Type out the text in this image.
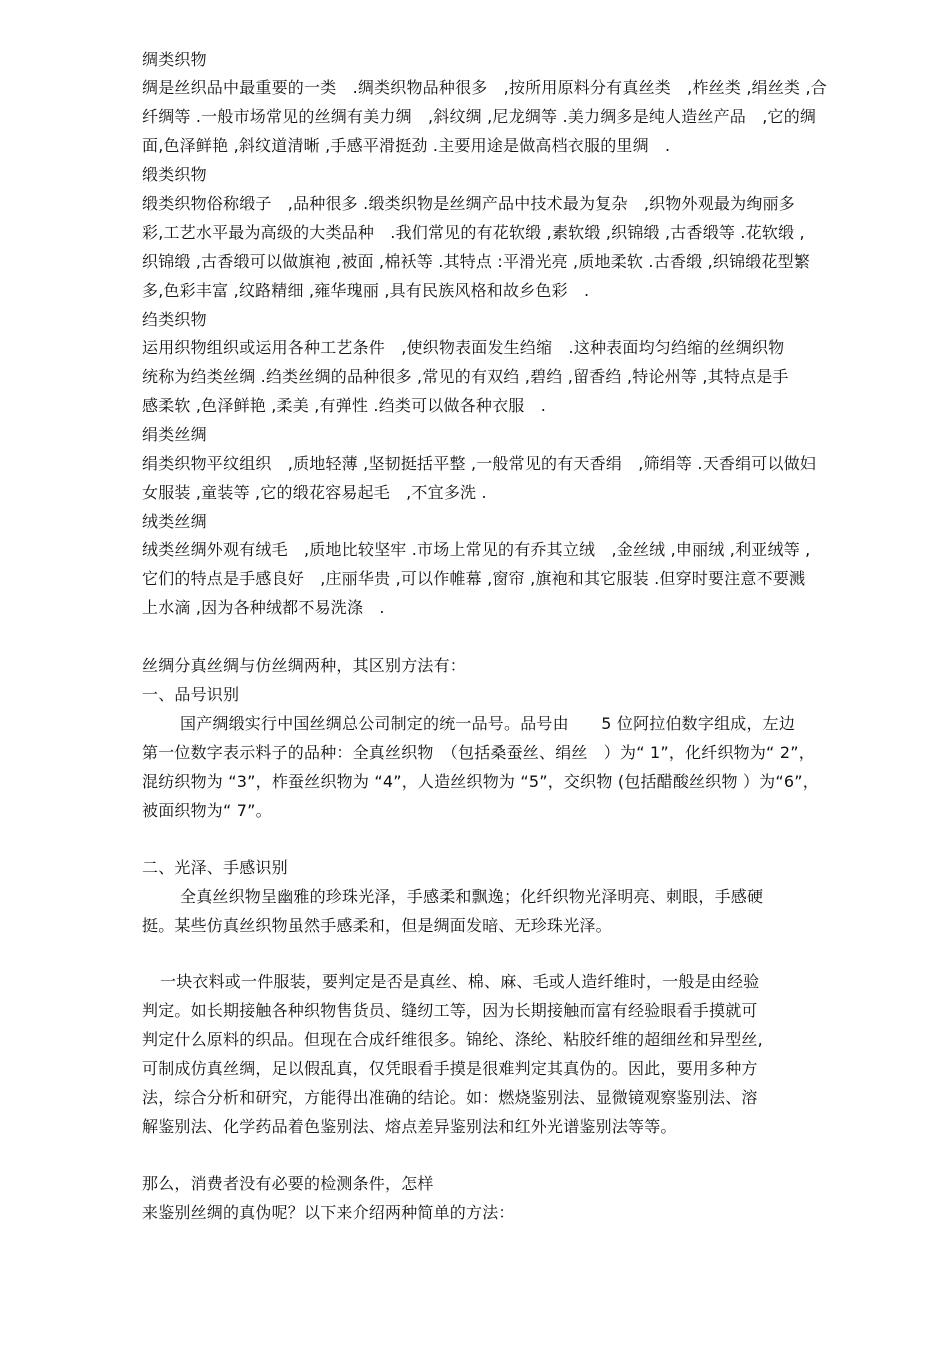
绸类织物
绸是丝织品中最重要的一类　.绸类织物品种很多　,按所用原料分有真丝类　,柞丝类 ,绢丝类 ,合
纤绸等 .一般市场常见的丝绸有美力绸　,斜纹绸 ,尼龙绸等 .美力绸多是纯人造丝产品　,它的绸
面,色泽鲜艳 ,斜纹道清晰 ,手感平滑挺劲 .主要用途是做高档衣服的里绸　.
缎类织物
缎类织物俗称缎子　,品种很多 .缎类织物是丝绸产品中技术最为复杂　,织物外观最为绚丽多
彩,工艺水平最为高级的大类品种　.我们常见的有花软缎 ,素软缎 ,织锦缎 ,古香缎等 .花软缎 ,
织锦缎 ,古香缎可以做旗袍 ,被面 ,棉袄等 .其特点 :平滑光亮 ,质地柔软 .古香缎 ,织锦缎花型繁
多,色彩丰富 ,纹路精细 ,雍华瑰丽 ,具有民族风格和故乡色彩　.
绉类织物
运用织物组织或运用各种工艺条件　,使织物表面发生绉缩　.这种表面均匀绉缩的丝绸织物
统称为绉类丝绸 .绉类丝绸的品种很多 ,常见的有双绉 ,碧绉 ,留香绉 ,特论州等 ,其特点是手
感柔软 ,色泽鲜艳 ,柔美 ,有弹性 .绉类可以做各种衣服　.
绢类丝绸
绢类织物平纹组织　,质地轻薄 ,坚韧挺括平整 ,一般常见的有天香绢　,筛绢等 .天香绢可以做妇
女服装 ,童装等 ,它的缎花容易起毛　,不宜多洗 .
绒类丝绸
绒类丝绸外观有绒毛　,质地比较坚牢 .市场上常见的有乔其立绒　,金丝绒 ,申丽绒 ,利亚绒等 ,
它们的特点是手感良好　,庄丽华贵 ,可以作帷幕 ,窗帘 ,旗袍和其它服装 .但穿时要注意不要溅
上水滴 ,因为各种绒都不易洗涤　.
丝绸分真丝绸与仿丝绸两种，其区别方法有：
一、品号识别
国产绸缎实行中国丝绸总公司制定的统一品号。品号由　　5 位阿拉伯数字组成，左边
第一位数字表示料子的品种：全真丝织物　（包括桑蚕丝、绢丝　）为“ 1”，化纤织物为“ 2”，
混纺织物为 “3”，柞蚕丝织物为 “4”，人造丝织物为 “5”，交织物 (包括醋酸丝织物 ）为“6”，
被面织物为“ 7”。
二、光泽、手感识别
全真丝织物呈幽雅的珍珠光泽，手感柔和飘逸；化纤织物光泽明亮、刺眼，手感硬
挺。某些仿真丝织物虽然手感柔和，但是绸面发暗、无珍珠光泽。
一块衣料或一件服装，要判定是否是真丝、棉、麻、毛或人造纤维时，一般是由经验
判定。如长期接触各种织物售货员、缝纫工等，因为长期接触而富有经验眼看手摸就可
判定什么原料的织品。但现在合成纤维很多。锦纶、涤纶、粘胶纤维的超细丝和异型丝,
可制成仿真丝绸，足以假乱真，仅凭眼看手摸是很难判定其真伪的。因此，要用多种方
法，综合分析和研究，方能得出准确的结论。如：燃烧鉴别法、显微镜观察鉴别法、溶
解鉴别法、化学药品着色鉴别法、熔点差异鉴别法和红外光谱鉴别法等等。
那么，消费者没有必要的检测条件，怎样
来鉴别丝绸的真伪呢？以下来介绍两种简单的方法：
